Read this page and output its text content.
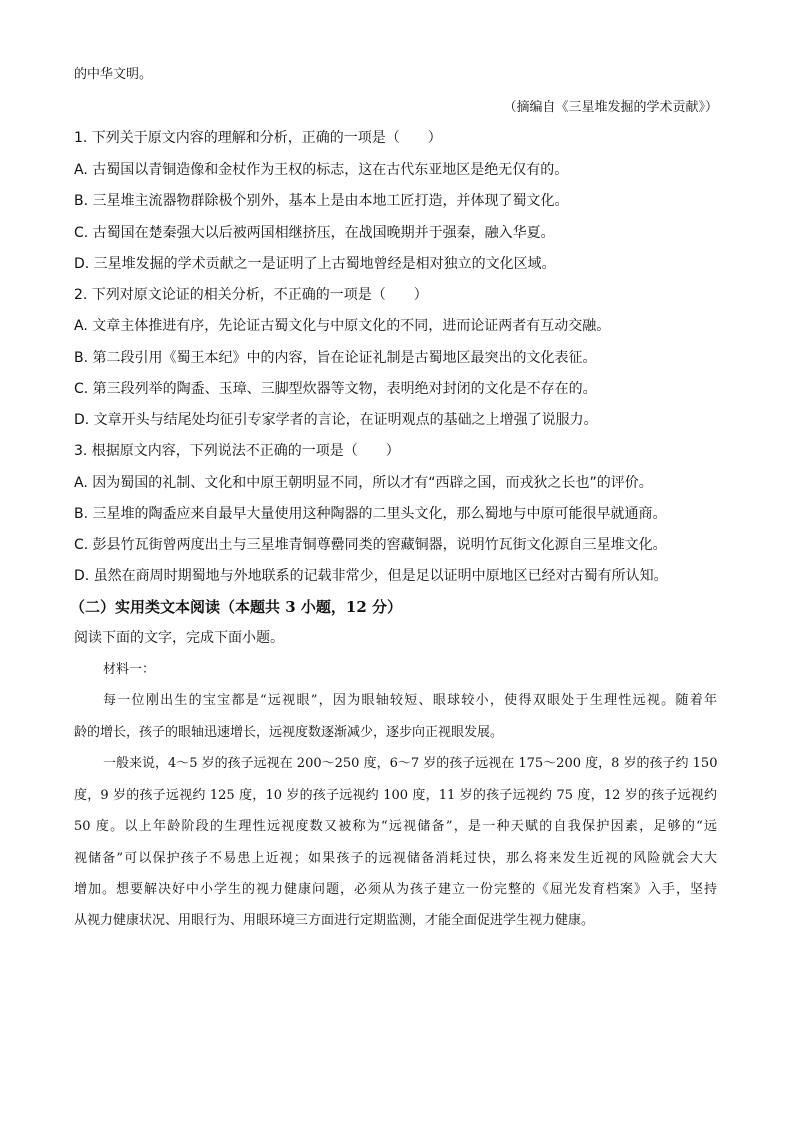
的中华文明。
（摘编自《三星堆发掘的学术贡献》）
1. 下列关于原文内容的理解和分析，正确的一项是（　　）
A. 古蜀国以青铜造像和金杖作为王权的标志，这在古代东亚地区是绝无仅有的。
B. 三星堆主流器物群除极个别外，基本上是由本地工匠打造，并体现了蜀文化。
C. 古蜀国在楚秦强大以后被两国相继挤压，在战国晚期并于强秦，融入华夏。
D. 三星堆发掘的学术贡献之一是证明了上古蜀地曾经是相对独立的文化区域。
2. 下列对原文论证的相关分析，不正确的一项是（　　）
A. 文章主体推进有序，先论证古蜀文化与中原文化的不同，进而论证两者有互动交融。
B. 第二段引用《蜀王本纪》中的内容，旨在论证礼制是古蜀地区最突出的文化表征。
C. 第三段列举的陶盉、玉璋、三脚型炊器等文物，表明绝对封闭的文化是不存在的。
D. 文章开头与结尾处均征引专家学者的言论，在证明观点的基础之上增强了说服力。
3. 根据原文内容，下列说法不正确的一项是（　　）
A. 因为蜀国的礼制、文化和中原王朝明显不同，所以才有“西辟之国，而戎狄之长也”的评价。
B. 三星堆的陶盉应来自最早大量使用这种陶器的二里头文化，那么蜀地与中原可能很早就通商。
C. 彭县竹瓦街曾两度出土与三星堆青铜尊罍同类的窖藏铜器，说明竹瓦街文化源自三星堆文化。
D. 虽然在商周时期蜀地与外地联系的记载非常少，但是足以证明中原地区已经对古蜀有所认知。
（二）实用类文本阅读（本题共 3 小题，12 分）
阅读下面的文字，完成下面小题。
材料一：
每一位刚出生的宝宝都是“远视眼”，因为眼轴较短、眼球较小，使得双眼处于生理性远视。随着年
龄的增长，孩子的眼轴迅速增长，远视度数逐渐减少，逐步向正视眼发展。
一般来说，4～5 岁的孩子远视在 200～250 度，6～7 岁的孩子远视在 175～200 度，8 岁的孩子约 150
度，9 岁的孩子远视约 125 度，10 岁的孩子远视约 100 度，11 岁的孩子远视约 75 度，12 岁的孩子远视约
50 度。以上年龄阶段的生理性远视度数又被称为“远视储备”，是一种天赋的自我保护因素，足够的“远
视储备”可以保护孩子不易患上近视；如果孩子的远视储备消耗过快，那么将来发生近视的风险就会大大
增加。想要解决好中小学生的视力健康问题，必须从为孩子建立一份完整的《屈光发育档案》入手，坚持
从视力健康状况、用眼行为、用眼环境三方面进行定期监测，才能全面促进学生视力健康。
